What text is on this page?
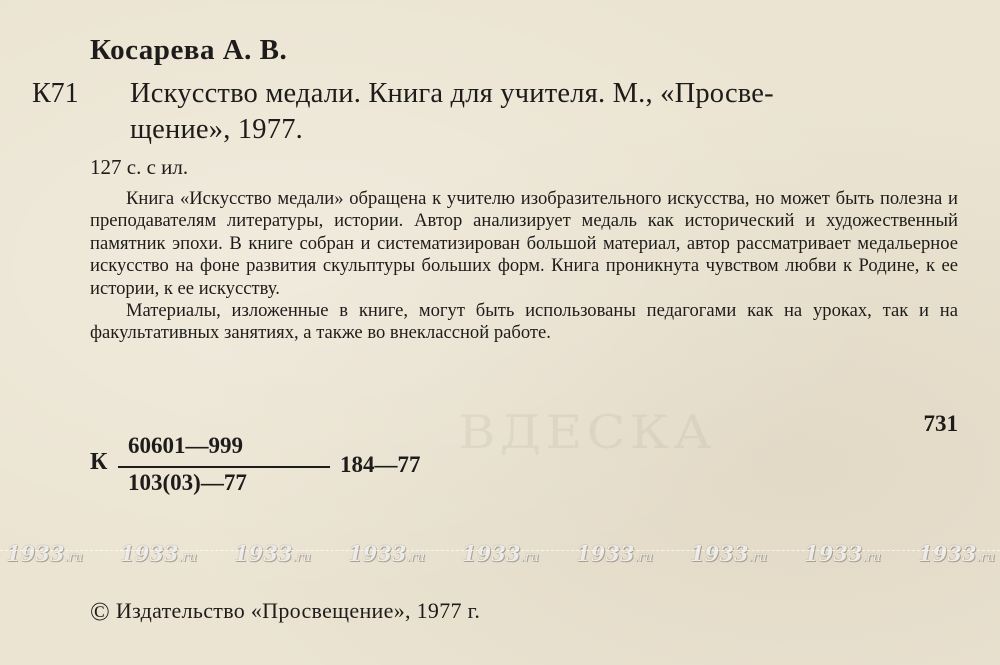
ВДЕСКА
Косарева А. В.
К71 Искусство медали. Книга для учителя. М., «Просве-
щение», 1977.
127 с. с ил.

Книга «Искусство медали» обращена к учителю изобразительного искусства, но может быть полезна и преподавателям литературы, истории. Автор анализирует медаль как исторический и художественный памятник эпохи. В книге собран и систематизирован большой материал, автор рассматривает медальерное искусство на фоне развития скульптуры больших форм. Книга проникнута чувством любви к Родине, к ее истории, к ее искусству.

Материалы, изложенные в книге, могут быть использованы педагогами как на уроках, так и на факультативных занятиях, а также во внеклассной работе.

731
К
60601—999
103(03)—77
184—77
1933.ru	1933.ru	1933.ru	1933.ru	1933.ru	1933.ru	1933.ru	1933.ru	1933.ru
© Издательство «Просвещение», 1977 г.
